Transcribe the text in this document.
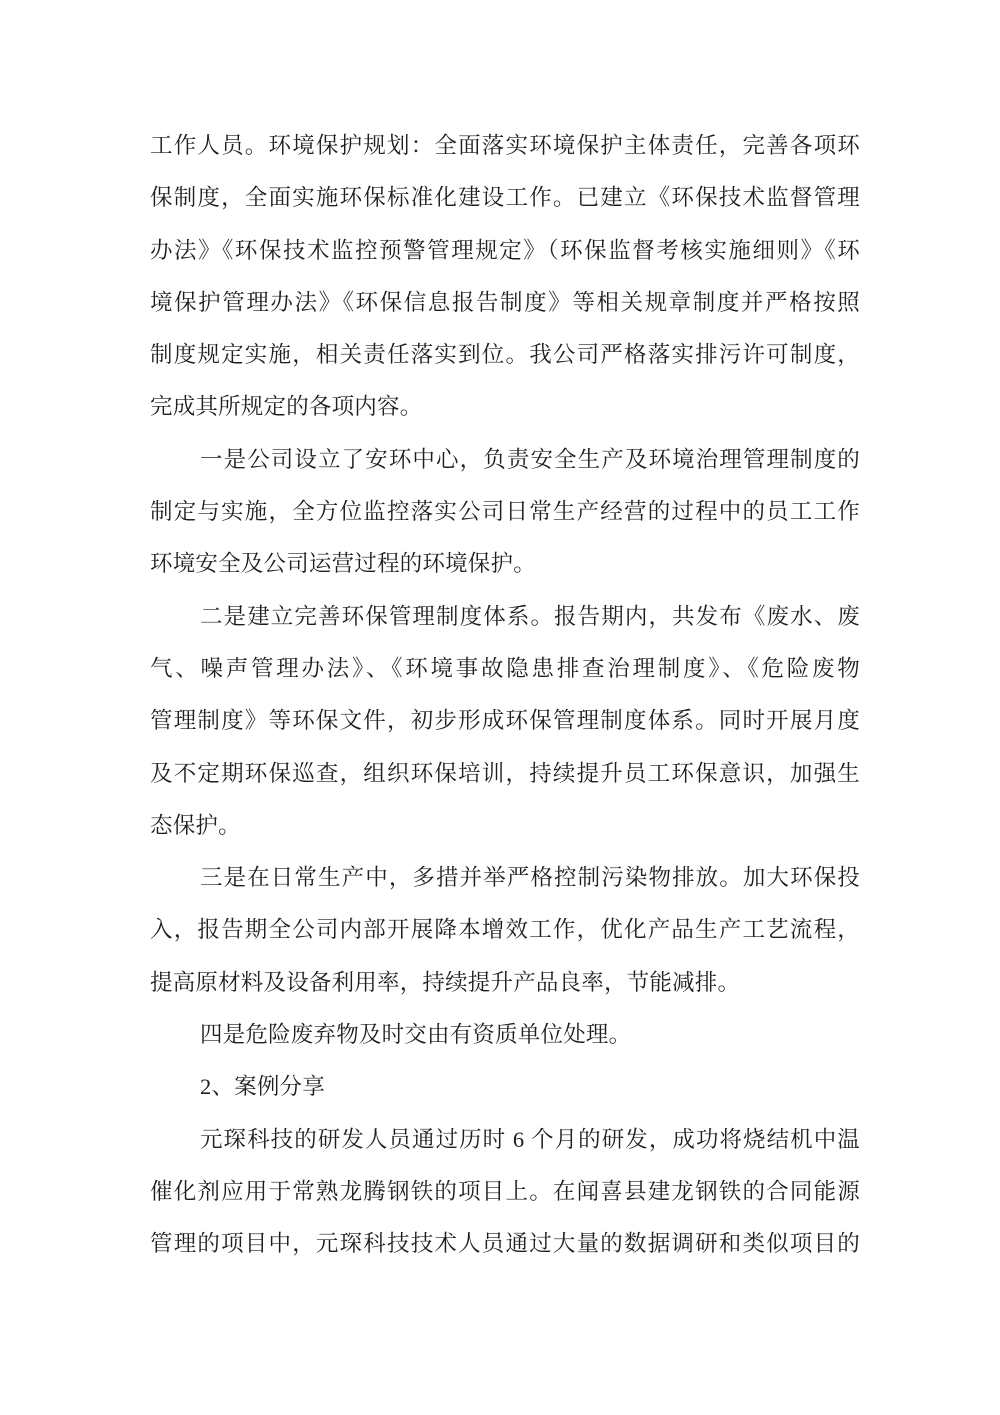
工作人员。环境保护规划：全面落实环境保护主体责任，完善各项环
保制度，全面实施环保标准化建设工作。已建立《环保技术监督管理
办法》《环保技术监控预警管理规定》（环保监督考核实施细则》《环
境保护管理办法》《环保信息报告制度》等相关规章制度并严格按照
制度规定实施，相关责任落实到位。我公司严格落实排污许可制度，
完成其所规定的各项内容。
一是公司设立了安环中心，负责安全生产及环境治理管理制度的
制定与实施，全方位监控落实公司日常生产经营的过程中的员工工作
环境安全及公司运营过程的环境保护。
二是建立完善环保管理制度体系。报告期内，共发布《废水、废
气、噪声管理办法》、《环境事故隐患排查治理制度》、《危险废物
管理制度》等环保文件，初步形成环保管理制度体系。同时开展月度
及不定期环保巡查，组织环保培训，持续提升员工环保意识，加强生
态保护。
三是在日常生产中，多措并举严格控制污染物排放。加大环保投
入，报告期全公司内部开展降本增效工作，优化产品生产工艺流程，
提高原材料及设备利用率，持续提升产品良率，节能减排。
四是危险废弃物及时交由有资质单位处理。
2、案例分享
元琛科技的研发人员通过历时 6 个月的研发，成功将烧结机中温
催化剂应用于常熟龙腾钢铁的项目上。在闻喜县建龙钢铁的合同能源
管理的项目中，元琛科技技术人员通过大量的数据调研和类似项目的
